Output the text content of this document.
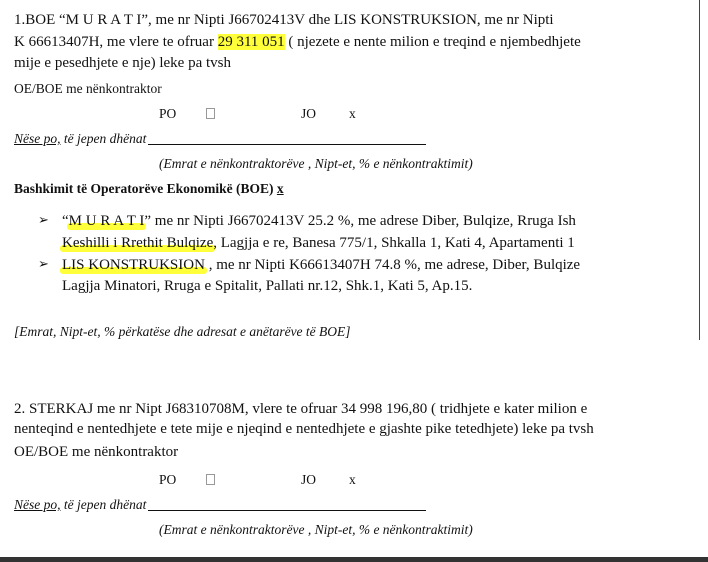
1.BOE “M U R A T I”, me nr Nipti J66702413V dhe LIS KONSTRUKSION, me nr Nipti
K 66613407H, me vlere te ofruar 29 311 051 ( njezete e nente milion e treqind e njembedhjete
mije e pesedhjete e nje) leke pa tvsh
OE/BOE me nënkontraktor
PO	JO x
Nëse po, të jepen dhënat
(Emrat e nënkontraktorëve , Nipt-et, % e nënkontraktimit)
Bashkimit të Operatorëve Ekonomikë (BOE) x
➢ “M U R A T I” me nr Nipti J66702413V 25.2 %, me adrese Diber, Bulqize, Rruga Ish
Keshilli i Rrethit Bulqize, Lagjja e re, Banesa 775/1, Shkalla 1, Kati 4, Apartamenti 1
➢ LIS KONSTRUKSION , me nr Nipti K66613407H 74.8 %, me adrese, Diber, Bulqize
Lagjja Minatori, Rruga e Spitalit, Pallati nr.12, Shk.1, Kati 5, Ap.15.
[Emrat, Nipt-et, % përkatëse dhe adresat e anëtarëve të BOE]
2. STERKAJ me nr Nipt J68310708M, vlere te ofruar 34 998 196,80 ( tridhjete e kater milion e
nenteqind e nentedhjete e tete mije e njeqind e nentedhjete e gjashte pike tetedhjete) leke pa tvsh
OE/BOE me nënkontraktor
PO	JO x
Nëse po, të jepen dhënat
(Emrat e nënkontraktorëve , Nipt-et, % e nënkontraktimit)
